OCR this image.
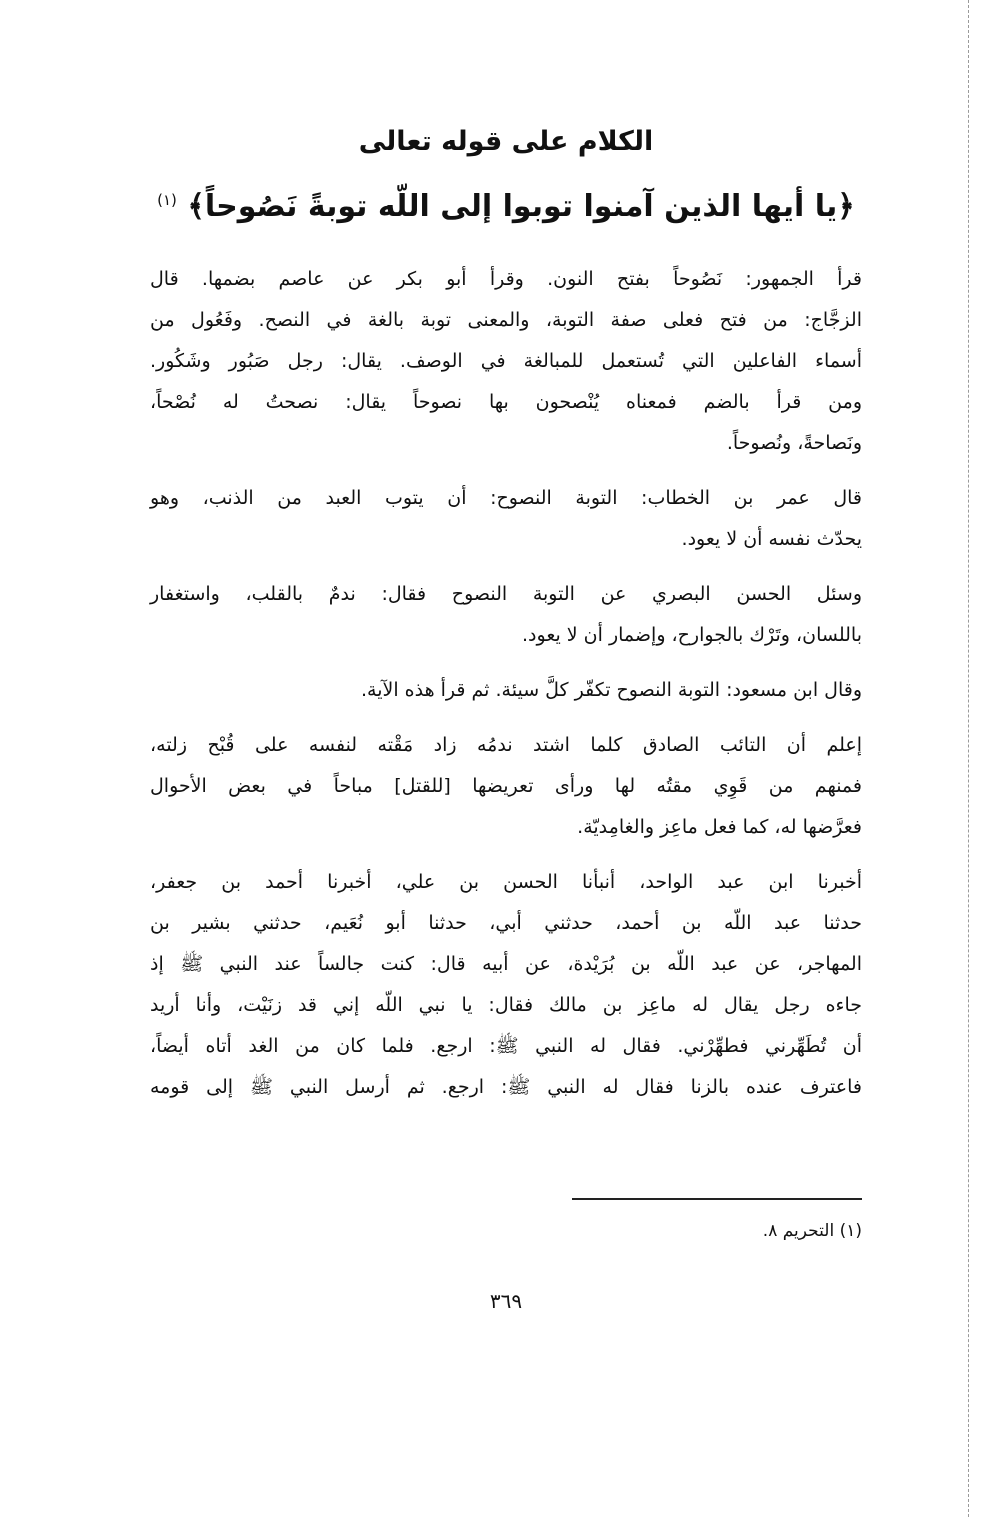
الكلام على قوله تعالى
﴿يا أيها الذين آمنوا توبوا إلى اللّه توبةً نَصُوحاً﴾ $^{(١)}$

قرأ الجمهور: نَصُوحاً بفتح النون. وقرأ أبو بكر عن عاصم بضمها. قال
الزجَّاج: من فتح فعلى صفة التوبة، والمعنى توبة بالغة في النصح. وفَعُول من
أسماء الفاعلين التي تُستعمل للمبالغة في الوصف. يقال: رجل صَبُور وشَكُور.
ومن قرأ بالضم فمعناه يُنْصحون بها نصوحاً يقال: نصحتُ له نُصْحاً،
ونَصاحةً، ونُصوحاً.

قال عمر بن الخطاب: التوبة النصوح: أن يتوب العبد من الذنب، وهو
يحدّث نفسه أن لا يعود.

وسئل الحسن البصري عن التوبة النصوح فقال: ندمٌ بالقلب، واستغفار
باللسان، وتَرْك بالجوارح، وإضمار أن لا يعود.

وقال ابن مسعود: التوبة النصوح تكفّر كلَّ سيئة. ثم قرأ هذه الآية.

إعلم أن التائب الصادق كلما اشتد ندمُه زاد مَقْته لنفسه على قُبْح زلته،
فمنهم من قَوِي مقتُه لها ورأى تعريضها [للقتل] مباحاً في بعض الأحوال
فعرَّضها له، كما فعل ماعِز والغامِديّة.

أخبرنا ابن عبد الواحد، أنبأنا الحسن بن علي، أخبرنا أحمد بن جعفر،
حدثنا عبد اللّه بن أحمد، حدثني أبي، حدثنا أبو نُعَيم، حدثني بشير بن
المهاجر، عن عبد اللّه بن بُرَيْدة، عن أبيه قال: كنت جالساً عند النبي ﷺ إذ
جاءه رجل يقال له ماعِز بن مالك فقال: يا نبي اللّه إني قد زنَيْت، وأنا أريد
أن تُطَهِّرني فطهِّرْني. فقال له النبي ﷺ: ارجع. فلما كان من الغد أتاه أيضاً،
فاعترف عنده بالزنا فقال له النبي ﷺ: ارجع. ثم أرسل النبي ﷺ إلى قومه

(١) التحريم ٨.
٣٦٩
